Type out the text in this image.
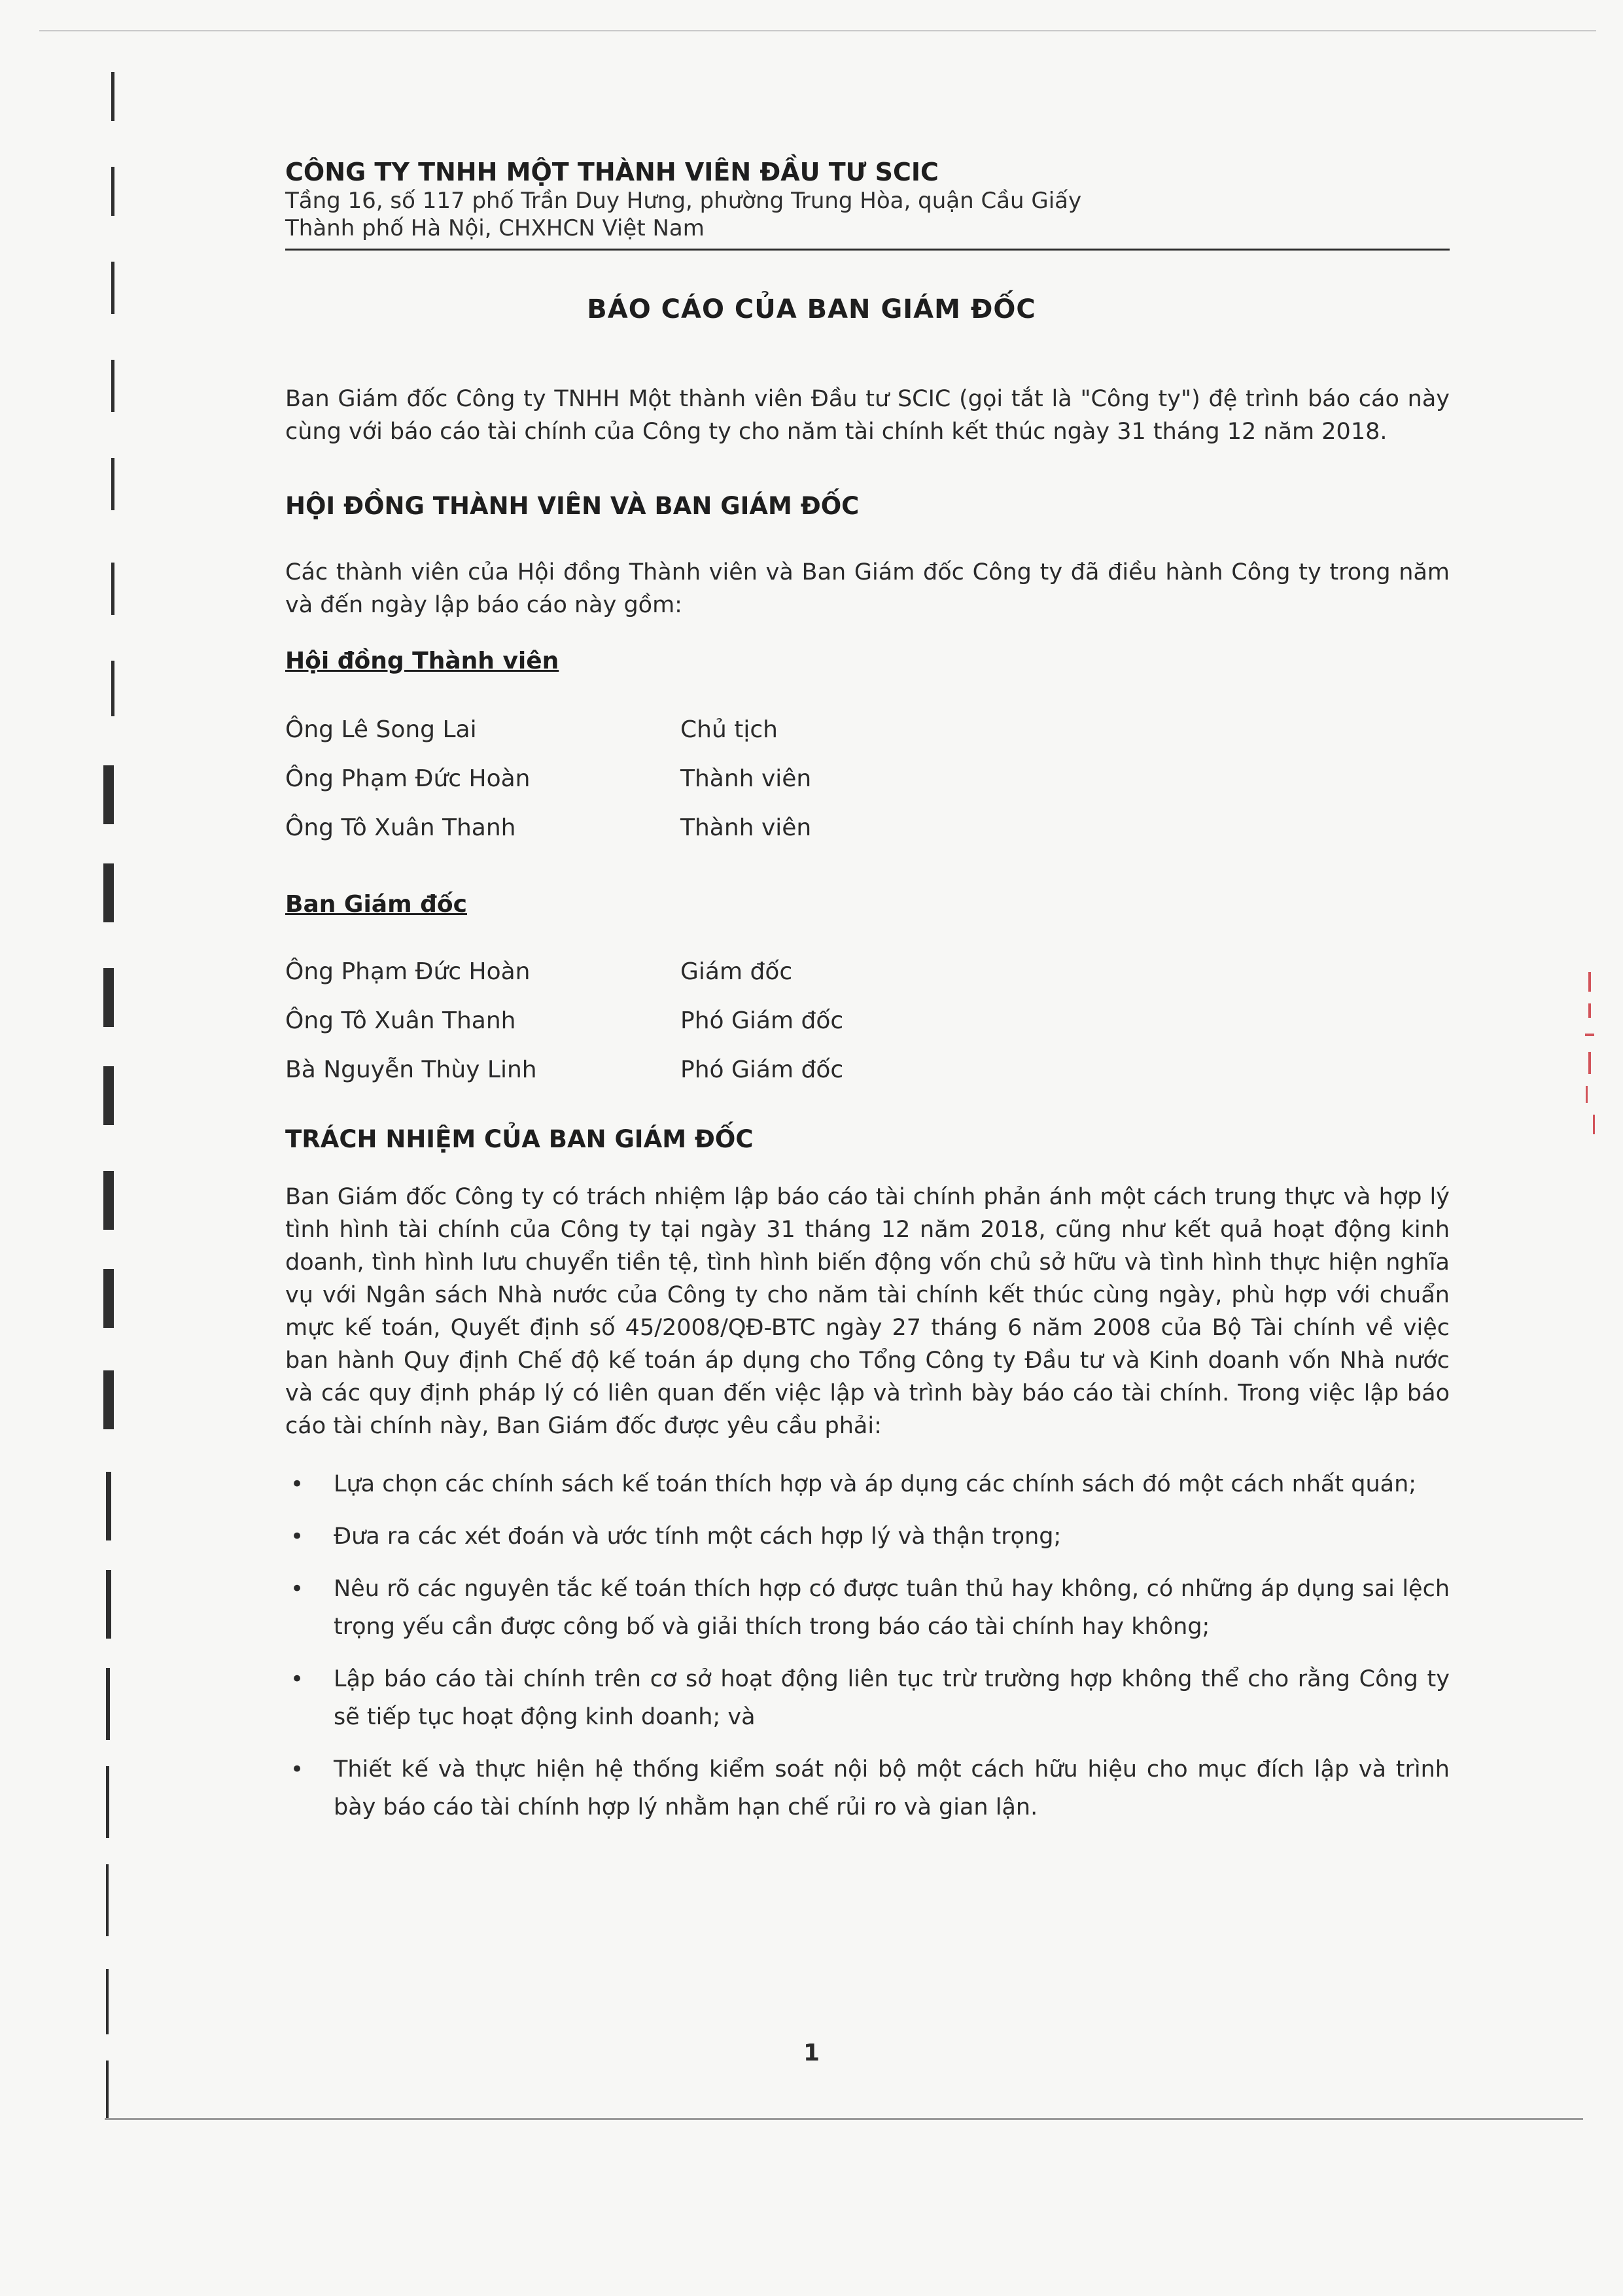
CÔNG TY TNHH MỘT THÀNH VIÊN ĐẦU TƯ SCIC
Tầng 16, số 117 phố Trần Duy Hưng, phường Trung Hòa, quận Cầu Giấy
Thành phố Hà Nội, CHXHCN Việt Nam
BÁO CÁO CỦA BAN GIÁM ĐỐC
Ban Giám đốc Công ty TNHH Một thành viên Đầu tư SCIC (gọi tắt là "Công ty") đệ trình báo cáo này cùng với báo cáo tài chính của Công ty cho năm tài chính kết thúc ngày 31 tháng 12 năm 2018.
HỘI ĐỒNG THÀNH VIÊN VÀ BAN GIÁM ĐỐC
Các thành viên của Hội đồng Thành viên và Ban Giám đốc Công ty đã điều hành Công ty trong năm và đến ngày lập báo cáo này gồm:
Hội đồng Thành viên
Ông Lê Song Lai	Chủ tịch
Ông Phạm Đức Hoàn	Thành viên
Ông Tô Xuân Thanh	Thành viên
Ban Giám đốc
Ông Phạm Đức Hoàn	Giám đốc
Ông Tô Xuân Thanh	Phó Giám đốc
Bà Nguyễn Thùy Linh	Phó Giám đốc
TRÁCH NHIỆM CỦA BAN GIÁM ĐỐC
Ban Giám đốc Công ty có trách nhiệm lập báo cáo tài chính phản ánh một cách trung thực và hợp lý tình hình tài chính của Công ty tại ngày 31 tháng 12 năm 2018, cũng như kết quả hoạt động kinh doanh, tình hình lưu chuyển tiền tệ, tình hình biến động vốn chủ sở hữu và tình hình thực hiện nghĩa vụ với Ngân sách Nhà nước của Công ty cho năm tài chính kết thúc cùng ngày, phù hợp với chuẩn mực kế toán, Quyết định số 45/2008/QĐ-BTC ngày 27 tháng 6 năm 2008 của Bộ Tài chính về việc ban hành Quy định Chế độ kế toán áp dụng cho Tổng Công ty Đầu tư và Kinh doanh vốn Nhà nước và các quy định pháp lý có liên quan đến việc lập và trình bày báo cáo tài chính. Trong việc lập báo cáo tài chính này, Ban Giám đốc được yêu cầu phải:
• Lựa chọn các chính sách kế toán thích hợp và áp dụng các chính sách đó một cách nhất quán;
• Đưa ra các xét đoán và ước tính một cách hợp lý và thận trọng;
• Nêu rõ các nguyên tắc kế toán thích hợp có được tuân thủ hay không, có những áp dụng sai lệch trọng yếu cần được công bố và giải thích trong báo cáo tài chính hay không;
• Lập báo cáo tài chính trên cơ sở hoạt động liên tục trừ trường hợp không thể cho rằng Công ty sẽ tiếp tục hoạt động kinh doanh; và
• Thiết kế và thực hiện hệ thống kiểm soát nội bộ một cách hữu hiệu cho mục đích lập và trình bày báo cáo tài chính hợp lý nhằm hạn chế rủi ro và gian lận.
1
